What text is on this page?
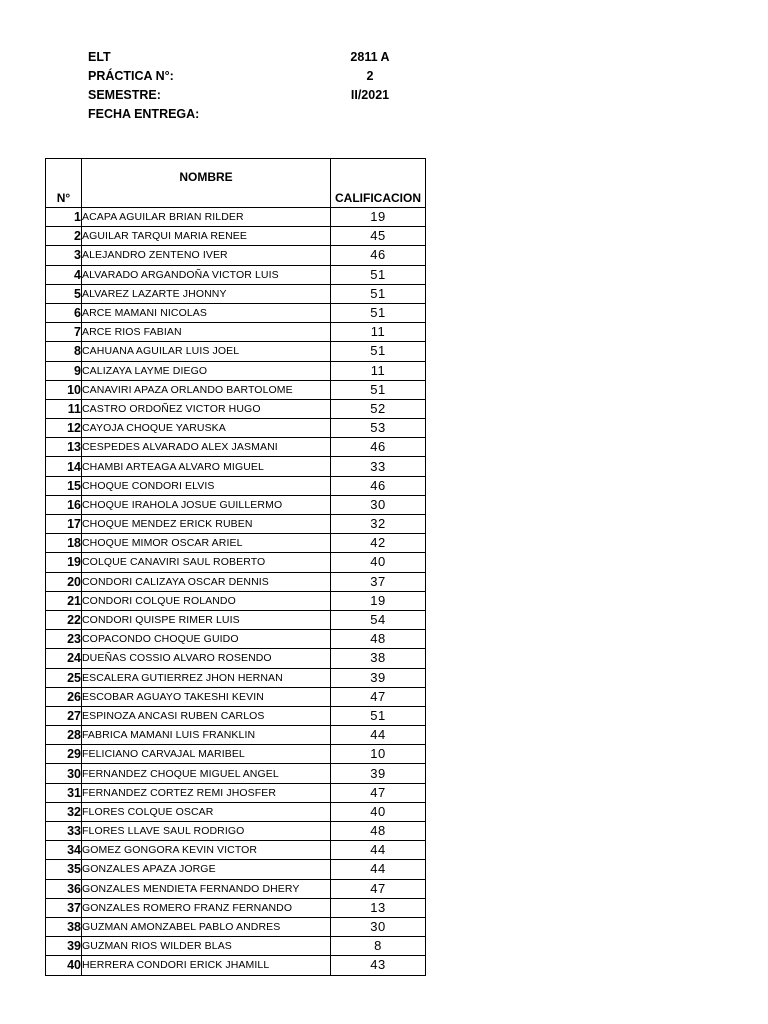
ELT	2811 A
PRÁCTICA N°:	2
SEMESTRE:	II/2021
FECHA ENTREGA:
N°	NOMBRE	CALIFICACION
1	ACAPA AGUILAR BRIAN RILDER	19
2	AGUILAR TARQUI MARIA RENEE	45
3	ALEJANDRO ZENTENO IVER	46
4	ALVARADO ARGANDOÑA VICTOR LUIS	51
5	ALVAREZ LAZARTE JHONNY	51
6	ARCE MAMANI NICOLAS	51
7	ARCE RIOS FABIAN	11
8	CAHUANA AGUILAR LUIS JOEL	51
9	CALIZAYA LAYME DIEGO	11
10	CANAVIRI APAZA ORLANDO BARTOLOME	51
11	CASTRO ORDOÑEZ VICTOR HUGO	52
12	CAYOJA CHOQUE YARUSKA	53
13	CESPEDES ALVARADO ALEX JASMANI	46
14	CHAMBI ARTEAGA ALVARO MIGUEL	33
15	CHOQUE CONDORI ELVIS	46
16	CHOQUE IRAHOLA JOSUE GUILLERMO	30
17	CHOQUE MENDEZ ERICK RUBEN	32
18	CHOQUE MIMOR OSCAR ARIEL	42
19	COLQUE CANAVIRI SAUL ROBERTO	40
20	CONDORI CALIZAYA OSCAR DENNIS	37
21	CONDORI COLQUE ROLANDO	19
22	CONDORI QUISPE RIMER LUIS	54
23	COPACONDO CHOQUE GUIDO	48
24	DUEÑAS COSSIO ALVARO ROSENDO	38
25	ESCALERA GUTIERREZ JHON HERNAN	39
26	ESCOBAR AGUAYO TAKESHI KEVIN	47
27	ESPINOZA ANCASI RUBEN CARLOS	51
28	FABRICA MAMANI LUIS FRANKLIN	44
29	FELICIANO CARVAJAL MARIBEL	10
30	FERNANDEZ CHOQUE MIGUEL ANGEL	39
31	FERNANDEZ CORTEZ REMI JHOSFER	47
32	FLORES COLQUE OSCAR	40
33	FLORES LLAVE SAUL RODRIGO	48
34	GOMEZ GONGORA KEVIN VICTOR	44
35	GONZALES APAZA JORGE	44
36	GONZALES MENDIETA FERNANDO DHERY	47
37	GONZALES ROMERO FRANZ FERNANDO	13
38	GUZMAN AMONZABEL PABLO ANDRES	30
39	GUZMAN RIOS WILDER BLAS	8
40	HERRERA CONDORI ERICK JHAMILL	43
